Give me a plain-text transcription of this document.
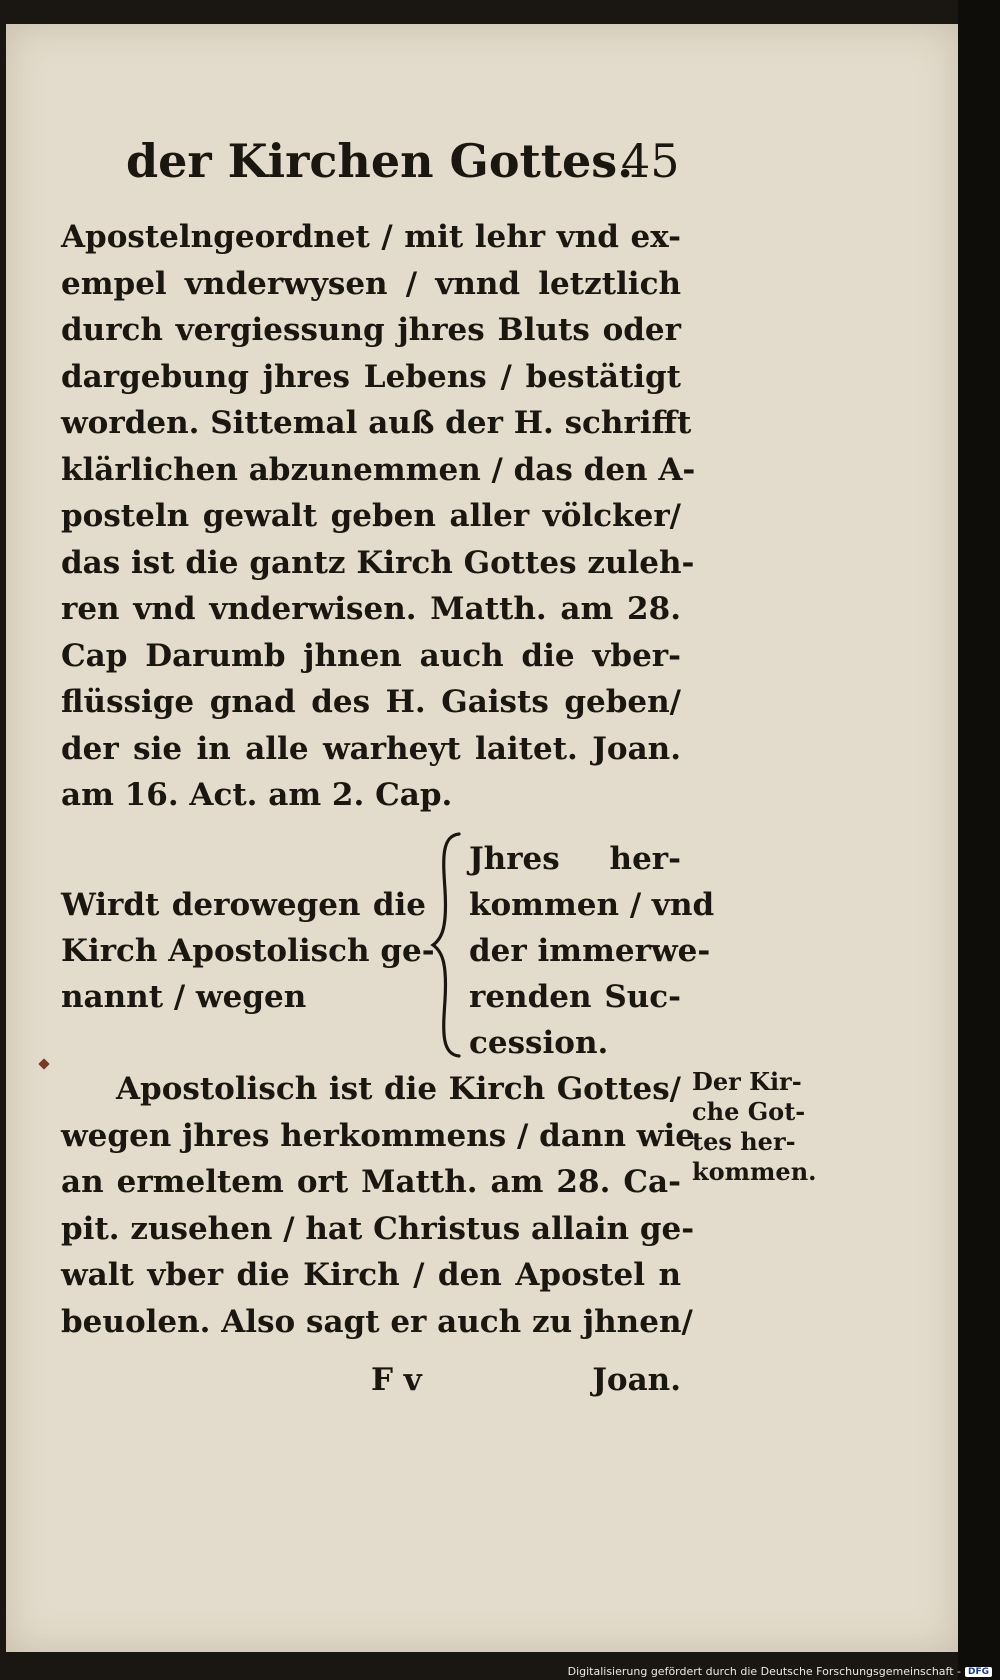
der Kirchen Gottes.
45
Apostelngeordnet / mit lehr vnd ex-
empel vnderwysen / vnnd letztlich
durch vergiessung jhres Bluts oder
dargebung jhres Lebens / bestätigt
worden. Sittemal auß der H. schrifft
klärlichen abzunemmen / das den A-
posteln gewalt geben aller völcker/
das ist die gantz Kirch Gottes zuleh-
ren vnd vnderwisen. Matth. am 28.
Cap Darumb jhnen auch die vber-
flüssige gnad des H. Gaists geben/
der sie in alle warheyt laitet. Joan.
am 16. Act. am 2. Cap.
Wirdt derowegen die
Kirch Apostolisch ge-
nannt / wegen
Jhres her-
kommen / vnd
der immerwe-
renden Suc-
cession.
Apostolisch ist die Kirch Gottes/
wegen jhres herkommens / dann wie
an ermeltem ort Matth. am 28. Ca-
pit. zusehen / hat Christus allain ge-
walt vber die Kirch / den Apostel n
beuolen. Also sagt er auch zu jhnen/
F v	Joan.
Der Kir-
che Got-
tes her-
kommen.
Digitalisierung gefördert durch die Deutsche Forschungsgemeinschaft - DFG
